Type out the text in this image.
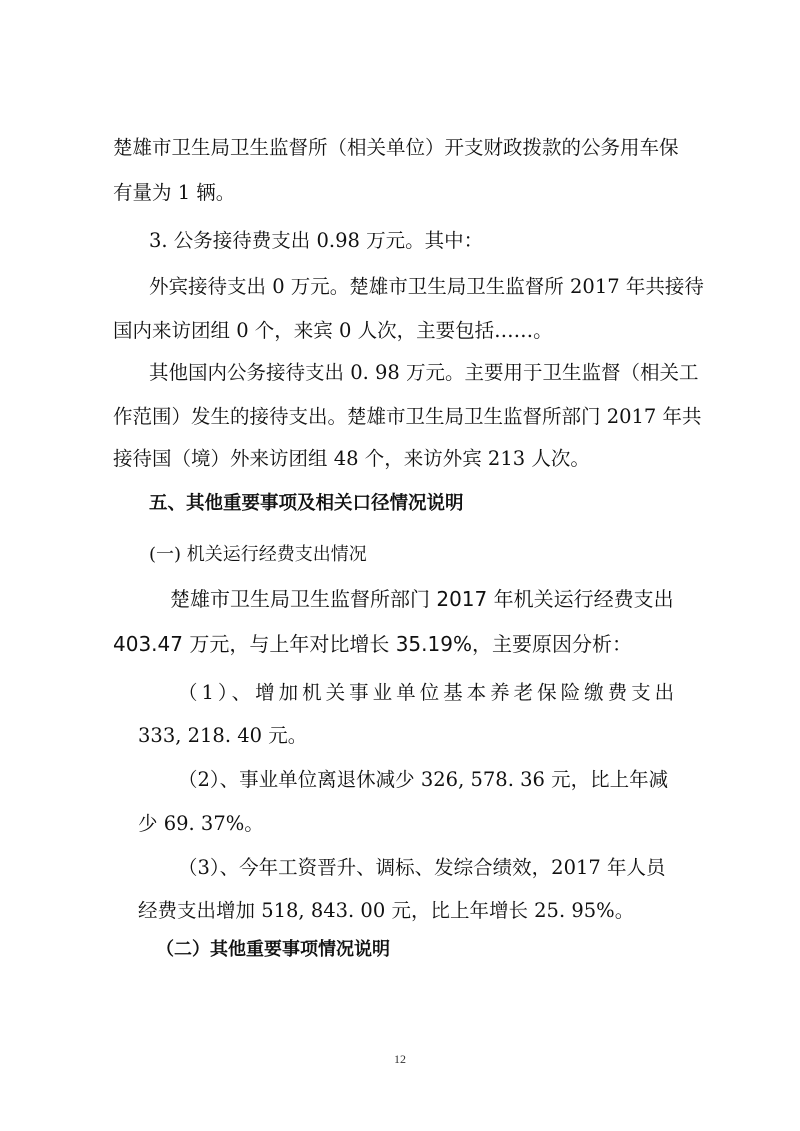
楚雄市卫生局卫生监督所（相关单位）开支财政拨款的公务用车保
有量为 1 辆。
3. 公务接待费支出 0.98 万元。其中：
外宾接待支出 0 万元。楚雄市卫生局卫生监督所 2017 年共接待
国内来访团组 0 个，来宾 0 人次，主要包括……。
其他国内公务接待支出 0. 98 万元。主要用于卫生监督（相关工
作范围）发生的接待支出。楚雄市卫生局卫生监督所部门 2017 年共
接待国（境）外来访团组 48 个，来访外宾 213 人次。
五、其他重要事项及相关口径情况说明
(一) 机关运行经费支出情况
楚雄市卫生局卫生监督所部门 2017 年机关运行经费支出
403.47 万元，与上年对比增长 35.19%，主要原因分析：
（1）、增加机关事业单位基本养老保险缴费支出
333, 218. 40 元。
（2）、事业单位离退休减少 326, 578. 36 元，比上年减
少 69. 37%。
（3）、今年工资晋升、调标、发综合绩效，2017 年人员
经费支出增加 518, 843. 00 元，比上年增长 25. 95%。
（二）其他重要事项情况说明
12
